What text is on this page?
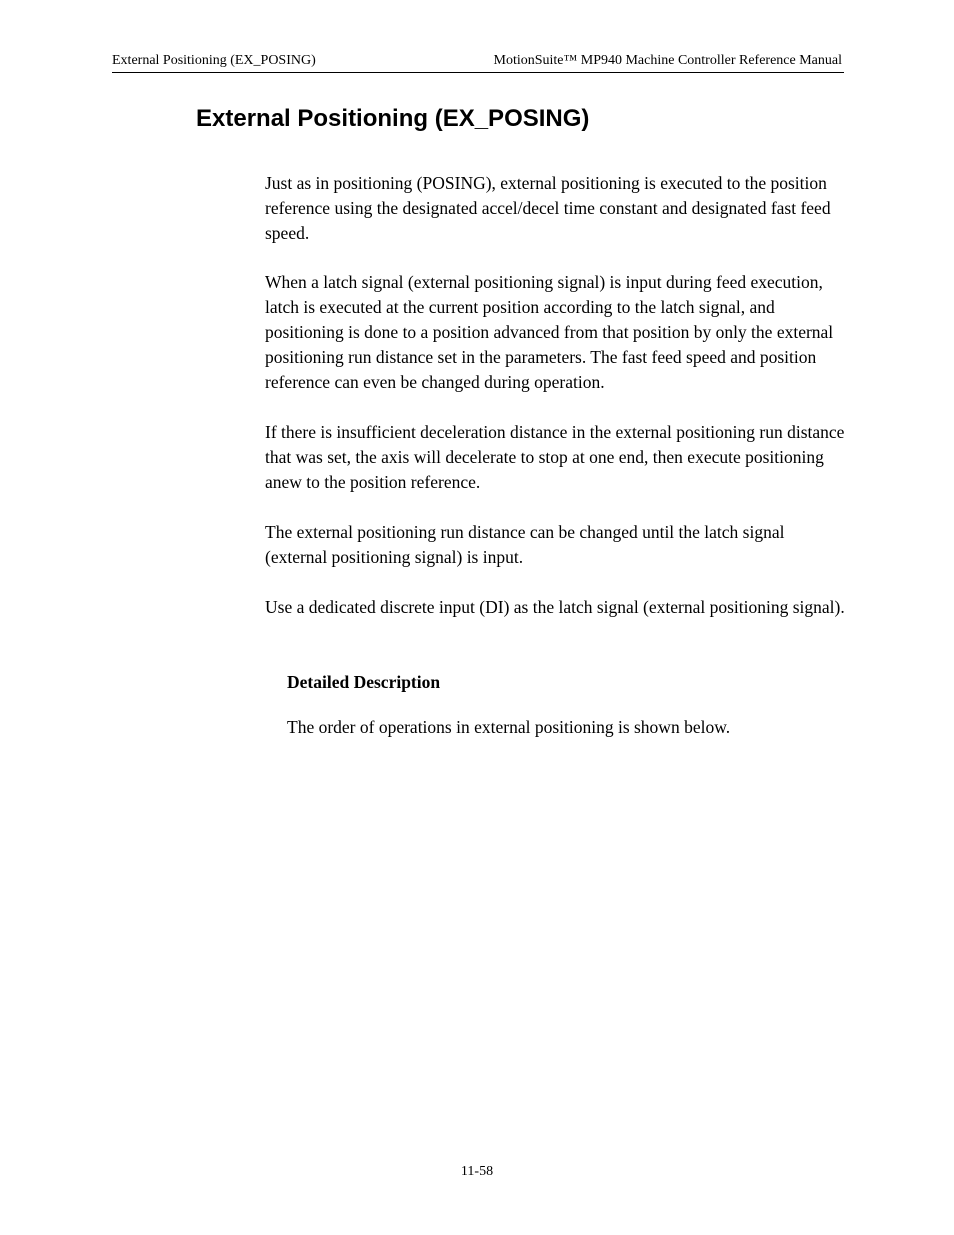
External Positioning (EX_POSING)	MotionSuite™ MP940 Machine Controller Reference Manual
External Positioning (EX_POSING)

Just as in positioning (POSING), external positioning is executed to the position reference using the designated accel/decel time constant and designated fast feed speed.

When a latch signal (external positioning signal) is input during feed execution, latch is executed at the current position according to the latch signal, and positioning is done to a position advanced from that position by only the external positioning run distance set in the parameters. The fast feed speed and position reference can even be changed during operation.

If there is insufficient deceleration distance in the external positioning run distance that was set, the axis will decelerate to stop at one end, then execute positioning anew to the position reference.

The external positioning run distance can be changed until the latch signal (external positioning signal) is input.

Use a dedicated discrete input (DI) as the latch signal (external positioning signal).

Detailed Description

The order of operations in external positioning is shown below.

11-58
